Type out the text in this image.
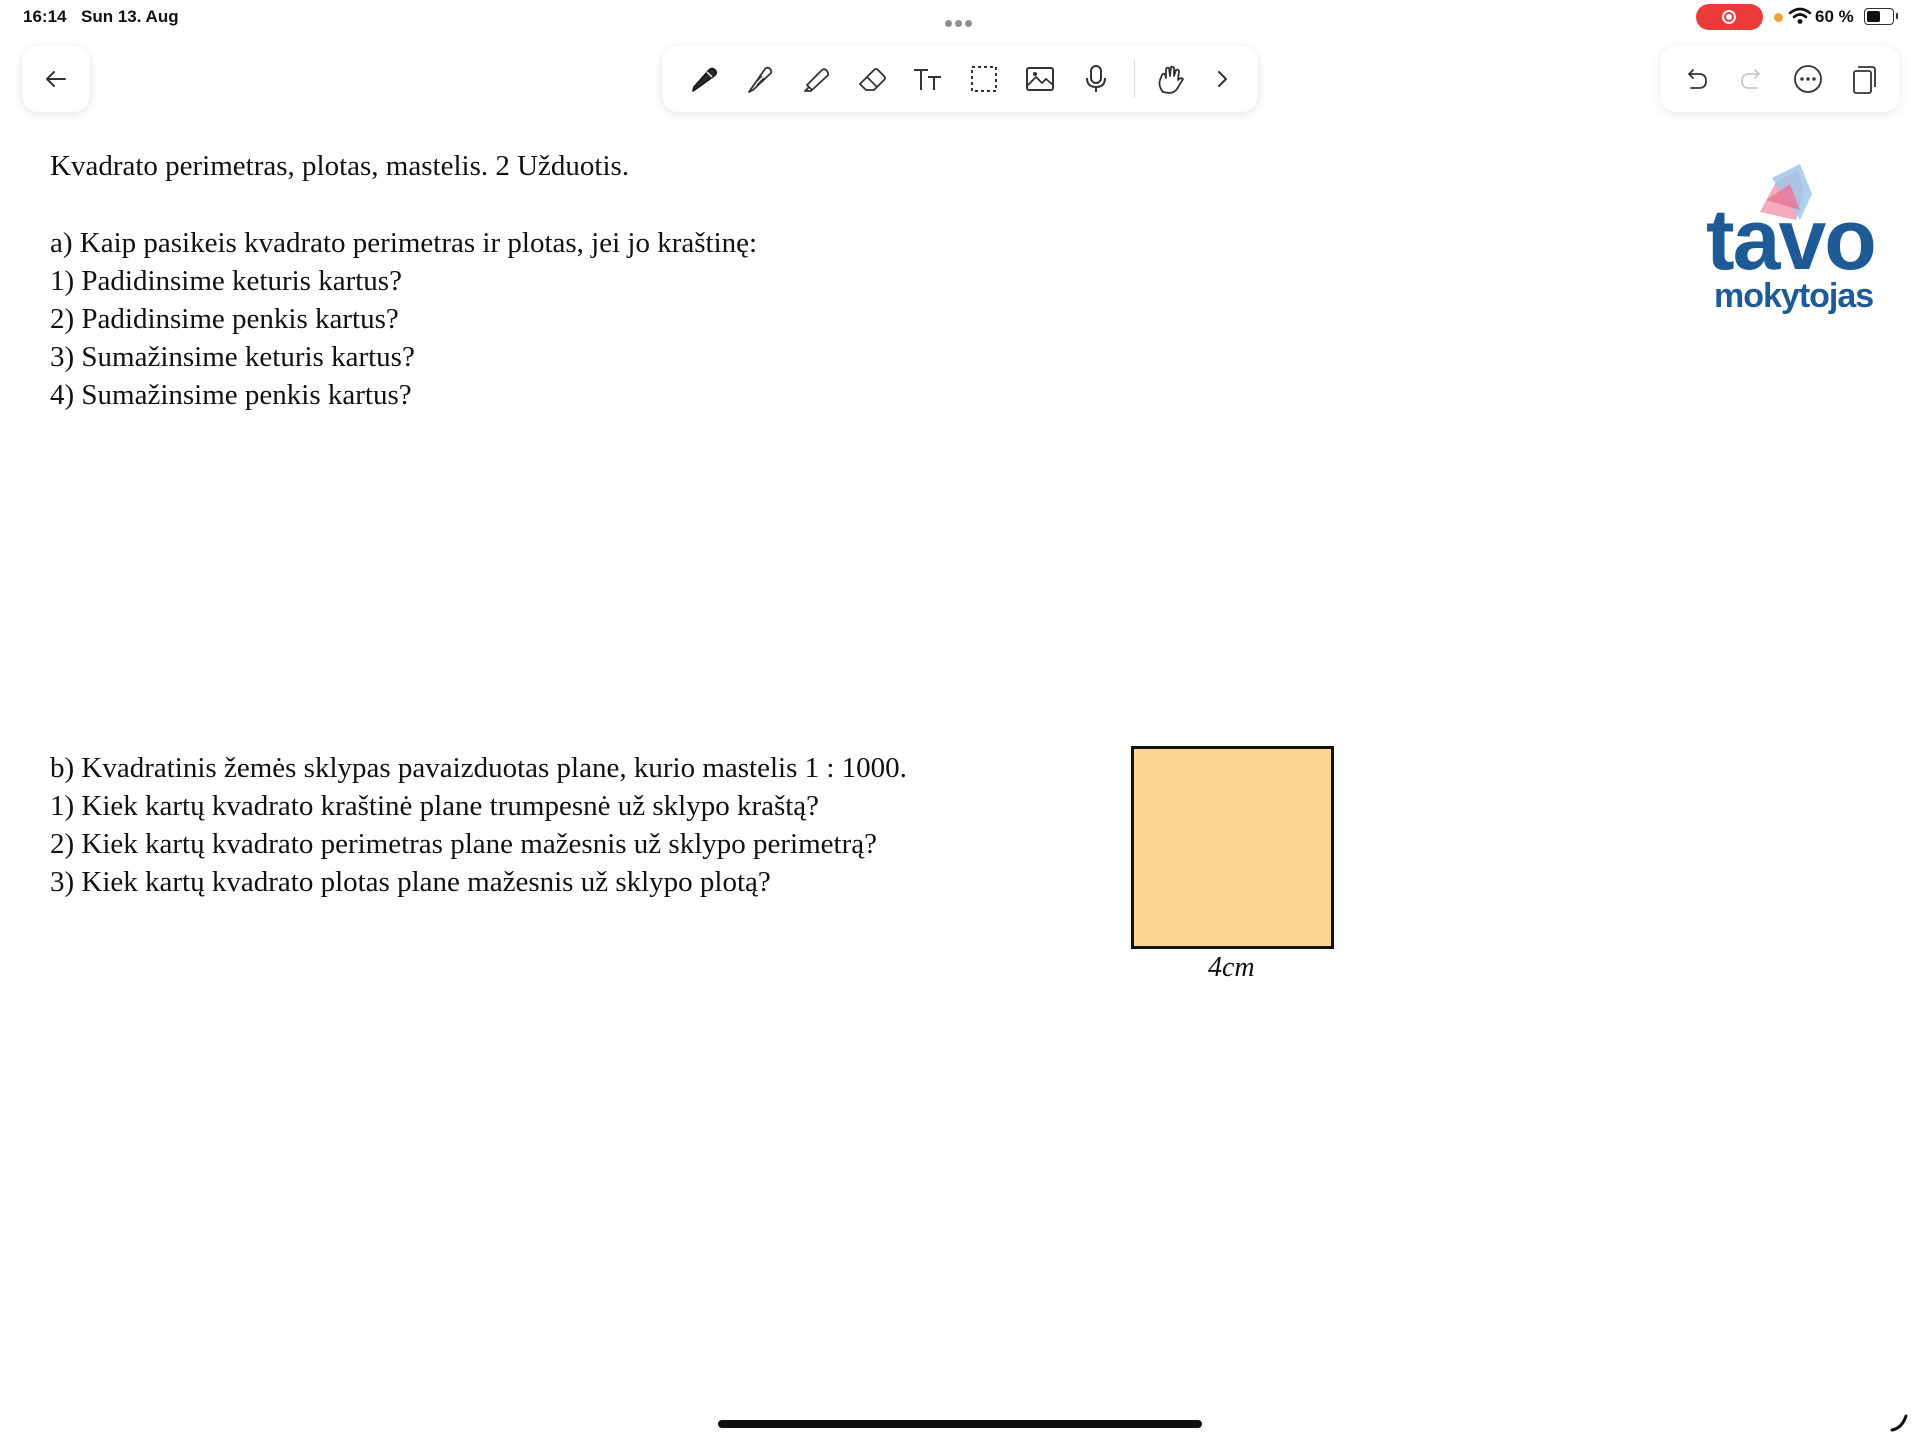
16:14 Sun 13. Aug	60 %
Kvadrato perimetras, plotas, mastelis. 2 Užduotis.
a) Kaip pasikeis kvadrato perimetras ir plotas, jei jo kraštinę:
1) Padidinsime keturis kartus?
2) Padidinsime penkis kartus?
3) Sumažinsime keturis kartus?
4) Sumažinsime penkis kartus?
b) Kvadratinis žemės sklypas pavaizduotas plane, kurio mastelis 1 : 1000.
1) Kiek kartų kvadrato kraštinė plane trumpesnė už sklypo kraštą?
2) Kiek kartų kvadrato perimetras plane mažesnis už sklypo perimetrą?
3) Kiek kartų kvadrato plotas plane mažesnis už sklypo plotą?
4cm
tavo
mokytojas
